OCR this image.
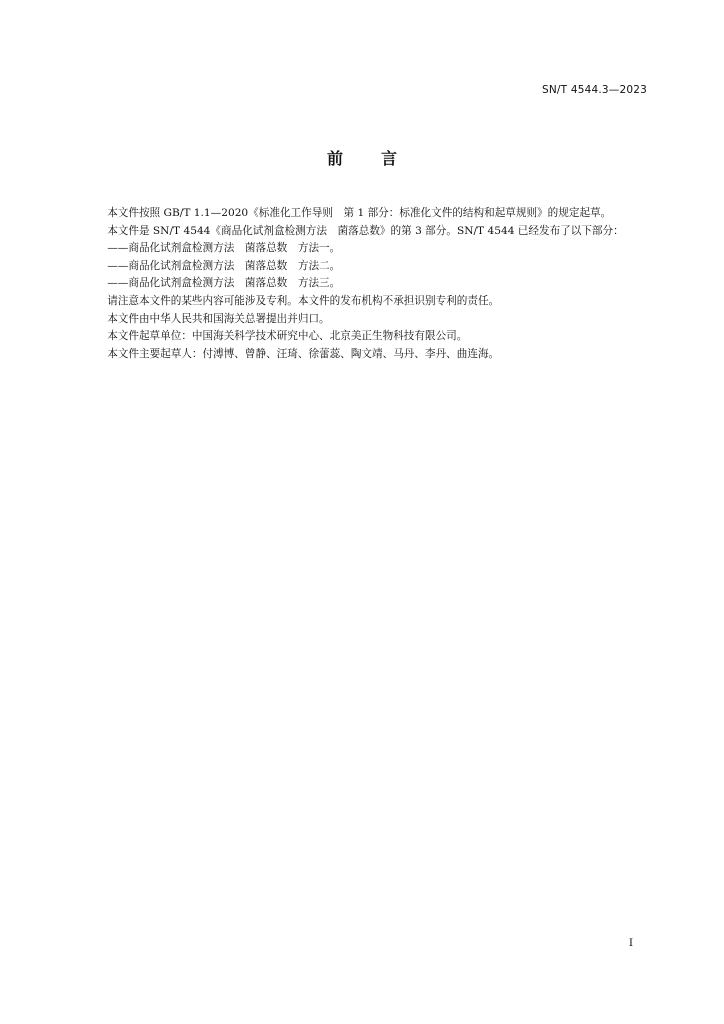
SN/T 4544.3—2023
前言

本文件按照 GB/T 1.1—2020《标准化工作导则　第 1 部分：标准化文件的结构和起草规则》的规定起草。

本文件是 SN/T 4544《商品化试剂盒检测方法　菌落总数》的第 3 部分。SN/T 4544 已经发布了以下部分：

——商品化试剂盒检测方法　菌落总数　方法一。

——商品化试剂盒检测方法　菌落总数　方法二。

——商品化试剂盒检测方法　菌落总数　方法三。

请注意本文件的某些内容可能涉及专利。本文件的发布机构不承担识别专利的责任。

本文件由中华人民共和国海关总署提出并归口。

本文件起草单位：中国海关科学技术研究中心、北京美正生物科技有限公司。

本文件主要起草人：付溥博、曾静、汪琦、徐蕾蕊、陶文靖、马丹、李丹、曲连海。

I
